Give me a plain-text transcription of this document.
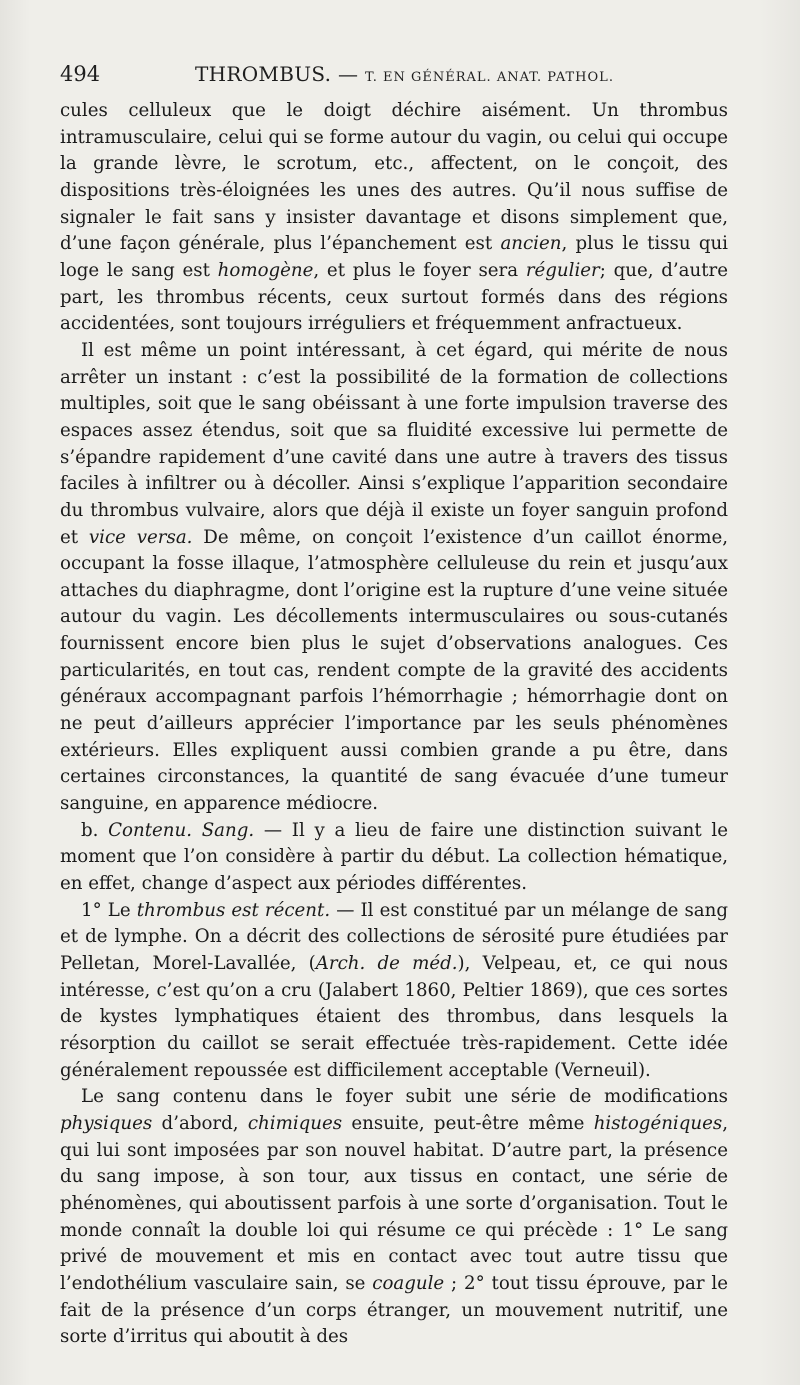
494	THROMBUS. — T. EN GÉNÉRAL. ANAT. PATHOL.

cules celluleux que le doigt déchire aisément. Un thrombus intramusculaire, celui qui se forme autour du vagin, ou celui qui occupe la grande lèvre, le scrotum, etc., affectent, on le conçoit, des dispositions très-éloignées les unes des autres. Qu’il nous suffise de signaler le fait sans y insister davantage et disons simplement que, d’une façon générale, plus l’épanchement est ancien, plus le tissu qui loge le sang est homogène, et plus le foyer sera régulier; que, d’autre part, les thrombus récents, ceux surtout formés dans des régions accidentées, sont toujours irréguliers et fréquemment anfractueux.

Il est même un point intéressant, à cet égard, qui mérite de nous arrêter un instant : c’est la possibilité de la formation de collections multiples, soit que le sang obéissant à une forte impulsion traverse des espaces assez étendus, soit que sa fluidité excessive lui permette de s’épandre rapidement d’une cavité dans une autre à travers des tissus faciles à infiltrer ou à décoller. Ainsi s’explique l’apparition secondaire du thrombus vulvaire, alors que déjà il existe un foyer sanguin profond et vice versa. De même, on conçoit l’existence d’un caillot énorme, occupant la fosse illaque, l’atmosphère celluleuse du rein et jusqu’aux attaches du diaphragme, dont l’origine est la rupture d’une veine située autour du vagin. Les décollements intermusculaires ou sous-cutanés fournissent encore bien plus le sujet d’observations analogues. Ces particularités, en tout cas, rendent compte de la gravité des accidents généraux accompagnant parfois l’hémorrhagie ; hémorrhagie dont on ne peut d’ailleurs apprécier l’importance par les seuls phénomènes extérieurs. Elles expliquent aussi combien grande a pu être, dans certaines circonstances, la quantité de sang évacuée d’une tumeur sanguine, en apparence médiocre.

b. Contenu. Sang. — Il y a lieu de faire une distinction suivant le moment que l’on considère à partir du début. La collection hématique, en effet, change d’aspect aux périodes différentes.

1° Le thrombus est récent. — Il est constitué par un mélange de sang et de lymphe. On a décrit des collections de sérosité pure étudiées par Pelletan, Morel-Lavallée, (Arch. de méd.), Velpeau, et, ce qui nous intéresse, c’est qu’on a cru (Jalabert 1860, Peltier 1869), que ces sortes de kystes lymphatiques étaient des thrombus, dans lesquels la résorption du caillot se serait effectuée très-rapidement. Cette idée généralement repoussée est difficilement acceptable (Verneuil).

Le sang contenu dans le foyer subit une série de modifications physiques d’abord, chimiques ensuite, peut-être même histogéniques, qui lui sont imposées par son nouvel habitat. D’autre part, la présence du sang impose, à son tour, aux tissus en contact, une série de phénomènes, qui aboutissent parfois à une sorte d’organisation. Tout le monde connaît la double loi qui résume ce qui précède : 1° Le sang privé de mouvement et mis en contact avec tout autre tissu que l’endothélium vasculaire sain, se coagule ; 2° tout tissu éprouve, par le fait de la présence d’un corps étranger, un mouvement nutritif, une sorte d’irritus qui aboutit à des
